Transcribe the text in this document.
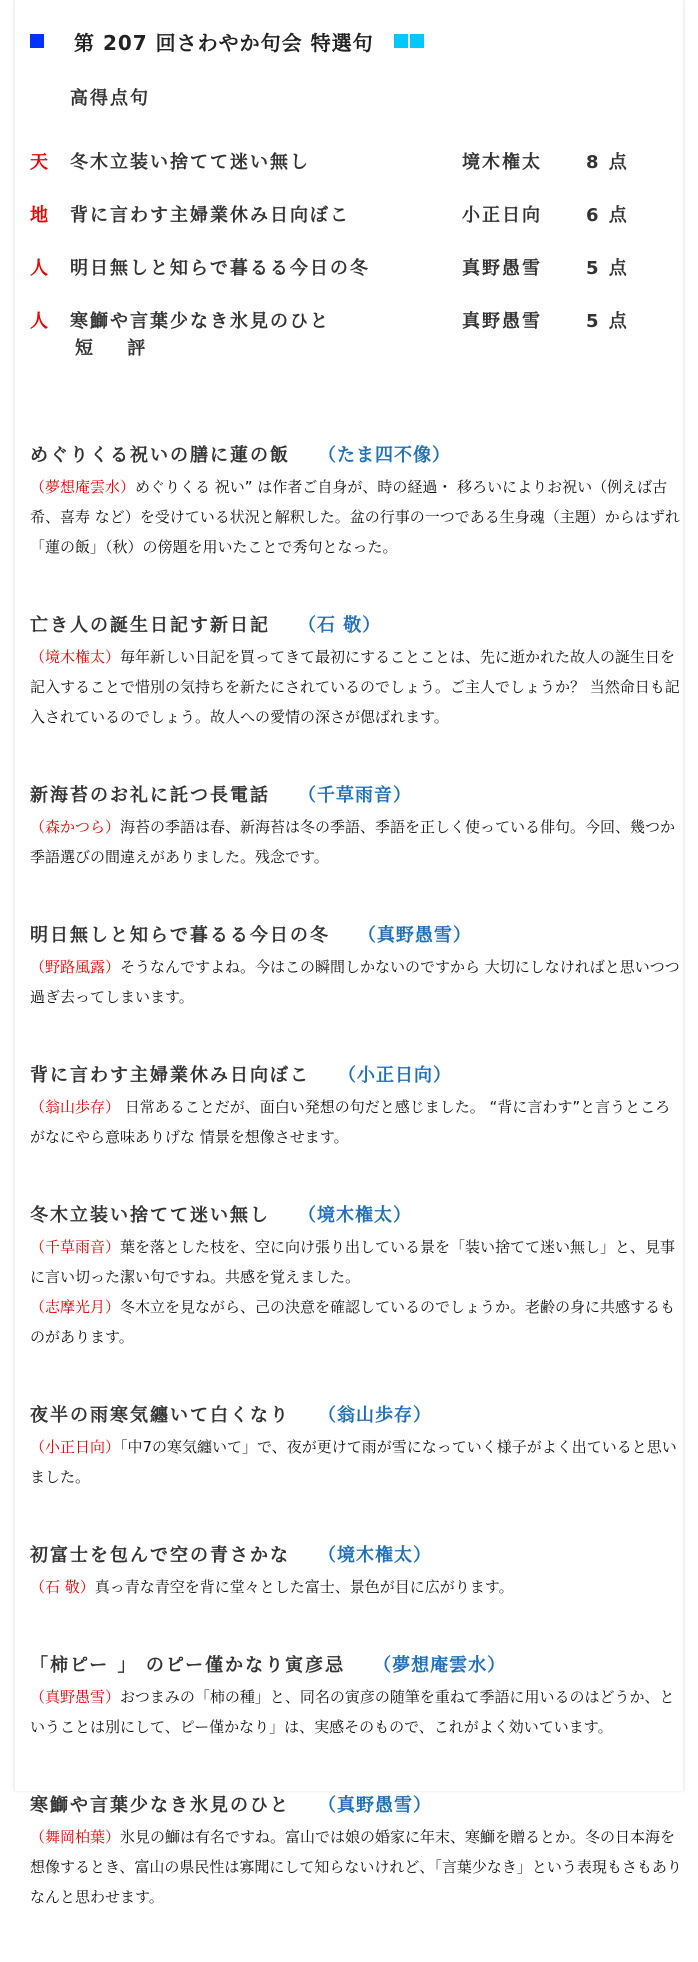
第 207 回さわやか句会 特選句
高得点句
天 冬木立装い捨てて迷い無し	境木権太 8 点
地 背に言わす主婦業休み日向ぼこ	小正日向 6 点
人 明日無しと知らで暮るる今日の冬	真野愚雪 5 点
人 寒鰤や言葉少なき氷見のひと	真野愚雪 5 点
短 評
めぐりくる祝いの膳に蓮の飯 （たま四不像）
（夢想庵雲水）めぐりくる 祝い” は作者ご自身が、時の経過・ 移ろいによりお祝い（例えば古希、喜寿 など）を受けている状況と解釈した。盆の行事の一つである生身魂（主題）からはずれ「蓮の飯」（秋）の傍題を用いたことで秀句となった。
亡き人の誕生日記す新日記 （石 敬）
（境木権太）毎年新しい日記を買ってきて最初にすることことは、先に逝かれた故人の誕生日を記入することで惜別の気持ちを新たにされているのでしょう。ご主人でしょうか？ 当然命日も記入されているのでしょう。故人への愛情の深さが偲ばれます。
新海苔のお礼に託つ長電話 （千草雨音）
（森かつら）海苔の季語は春、新海苔は冬の季語、季語を正しく使っている俳句。今回、幾つか季語選びの間違えがありました。残念です。
明日無しと知らで暮るる今日の冬 （真野愚雪）
（野路風露）そうなんですよね。今はこの瞬間しかないのですから 大切にしなければと思いつつ過ぎ去ってしまいます。
背に言わす主婦業休み日向ぼこ （小正日向）
（翁山歩存） 日常あることだが、面白い発想の句だと感じました。 “背に言わす”と言うところがなにやら意味ありげな 情景を想像させます。
冬木立装い捨てて迷い無し （境木権太）
（千草雨音）葉を落とした枝を、空に向け張り出している景を「装い捨てて迷い無し」と、見事に言い切った潔い句ですね。共感を覚えました。
（志摩光月）冬木立を見ながら、己の決意を確認しているのでしょうか。老齢の身に共感するものがあります。
夜半の雨寒気纏いて白くなり （翁山歩存）
（小正日向）「中7の寒気纏いて」で、夜が更けて雨が雪になっていく様子がよく出ていると思いました。
初富士を包んで空の青さかな （境木権太）
（石 敬）真っ青な青空を背に堂々とした富士、景色が目に広がります。
「柿ピー 」 のピー僅かなり寅彦忌 （夢想庵雲水）
（真野愚雪）おつまみの「柿の種」と、同名の寅彦の随筆を重ねて季語に用いるのはどうか、ということは別にして、ピー僅かなり」は、実感そのもので、これがよく効いています。
寒鰤や言葉少なき氷見のひと （真野愚雪）
（舞岡柏葉）氷見の鰤は有名ですね。富山では娘の婚家に年末、寒鰤を贈るとか。冬の日本海を想像するとき、富山の県民性は寡聞にして知らないけれど、「言葉少なき」という表現もさもありなんと思わせます。
